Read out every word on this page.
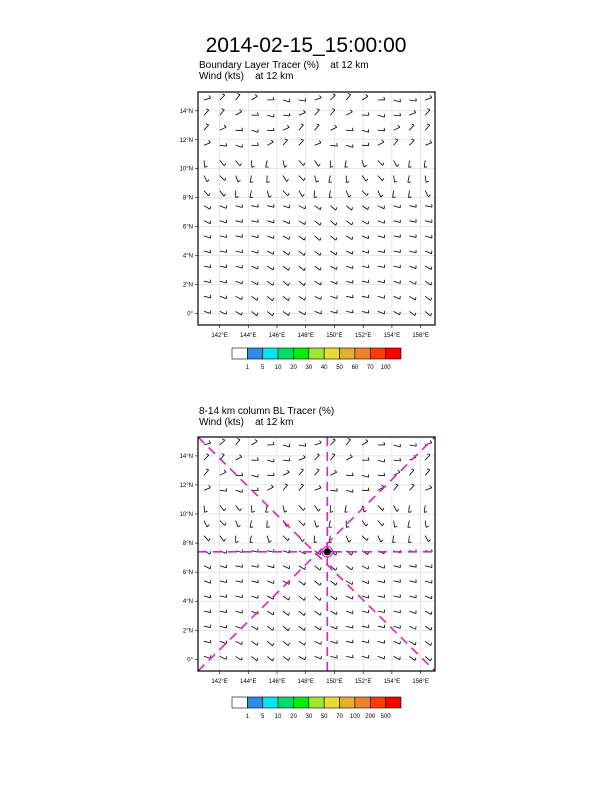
2014-02-15_15:00:00
Boundary Layer Tracer (%) at 12 km
Wind (kts) at 12 km
8-14 km column BL Tracer (%)
Wind (kts) at 12 km
142°E 144°E 146°E 148°E 150°E 152°E 154°E 156°E
0°
2°N
4°N
6°N
8°N
10°N
12°N
14°N
1 5 10 20 30 40 50 60 70 100
142°E 144°E 146°E 148°E 150°E 152°E 154°E 156°E
0°
2°N
4°N
6°N
8°N
10°N
12°N
14°N
1 5 10 20 30 50 70 100 200 500
